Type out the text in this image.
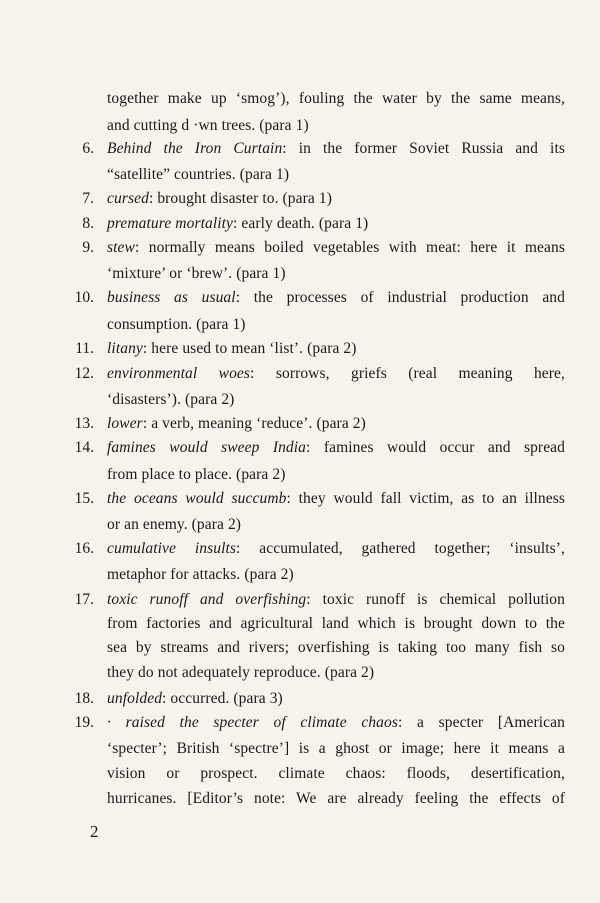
together make up ‘smog’), fouling the water by the same means,
and cutting d ·wn trees. (para 1)
6. Behind the Iron Curtain: in the former Soviet Russia and its
“satellite” countries. (para 1)
7. cursed: brought disaster to. (para 1)
8. premature mortality: early death. (para 1)
9. stew: normally means boiled vegetables with meat: here it means
‘mixture’ or ‘brew’. (para 1)
10. business as usual: the processes of industrial production and
consumption. (para 1)
11. litany: here used to mean ‘list’. (para 2)
12. environmental woes: sorrows, griefs (real meaning here,
‘disasters’). (para 2)
13. lower: a verb, meaning ‘reduce’. (para 2)
14. famines would sweep India: famines would occur and spread
from place to place. (para 2)
15. the oceans would succumb: they would fall victim, as to an illness
or an enemy. (para 2)
16. cumulative insults: accumulated, gathered together; ‘insults’,
metaphor for attacks. (para 2)
17. toxic runoff and overfishing: toxic runoff is chemical pollution
from factories and agricultural land which is brought down to the
sea by streams and rivers; overfishing is taking too many fish so
they do not adequately reproduce. (para 2)
18. unfolded: occurred. (para 3)
19. · raised the specter of climate chaos: a specter [American
‘specter’; British ‘spectre’] is a ghost or image; here it means a
vision or prospect. climate chaos: floods, desertification,
hurricanes. [Editor’s note: We are already feeling the effects of
2
